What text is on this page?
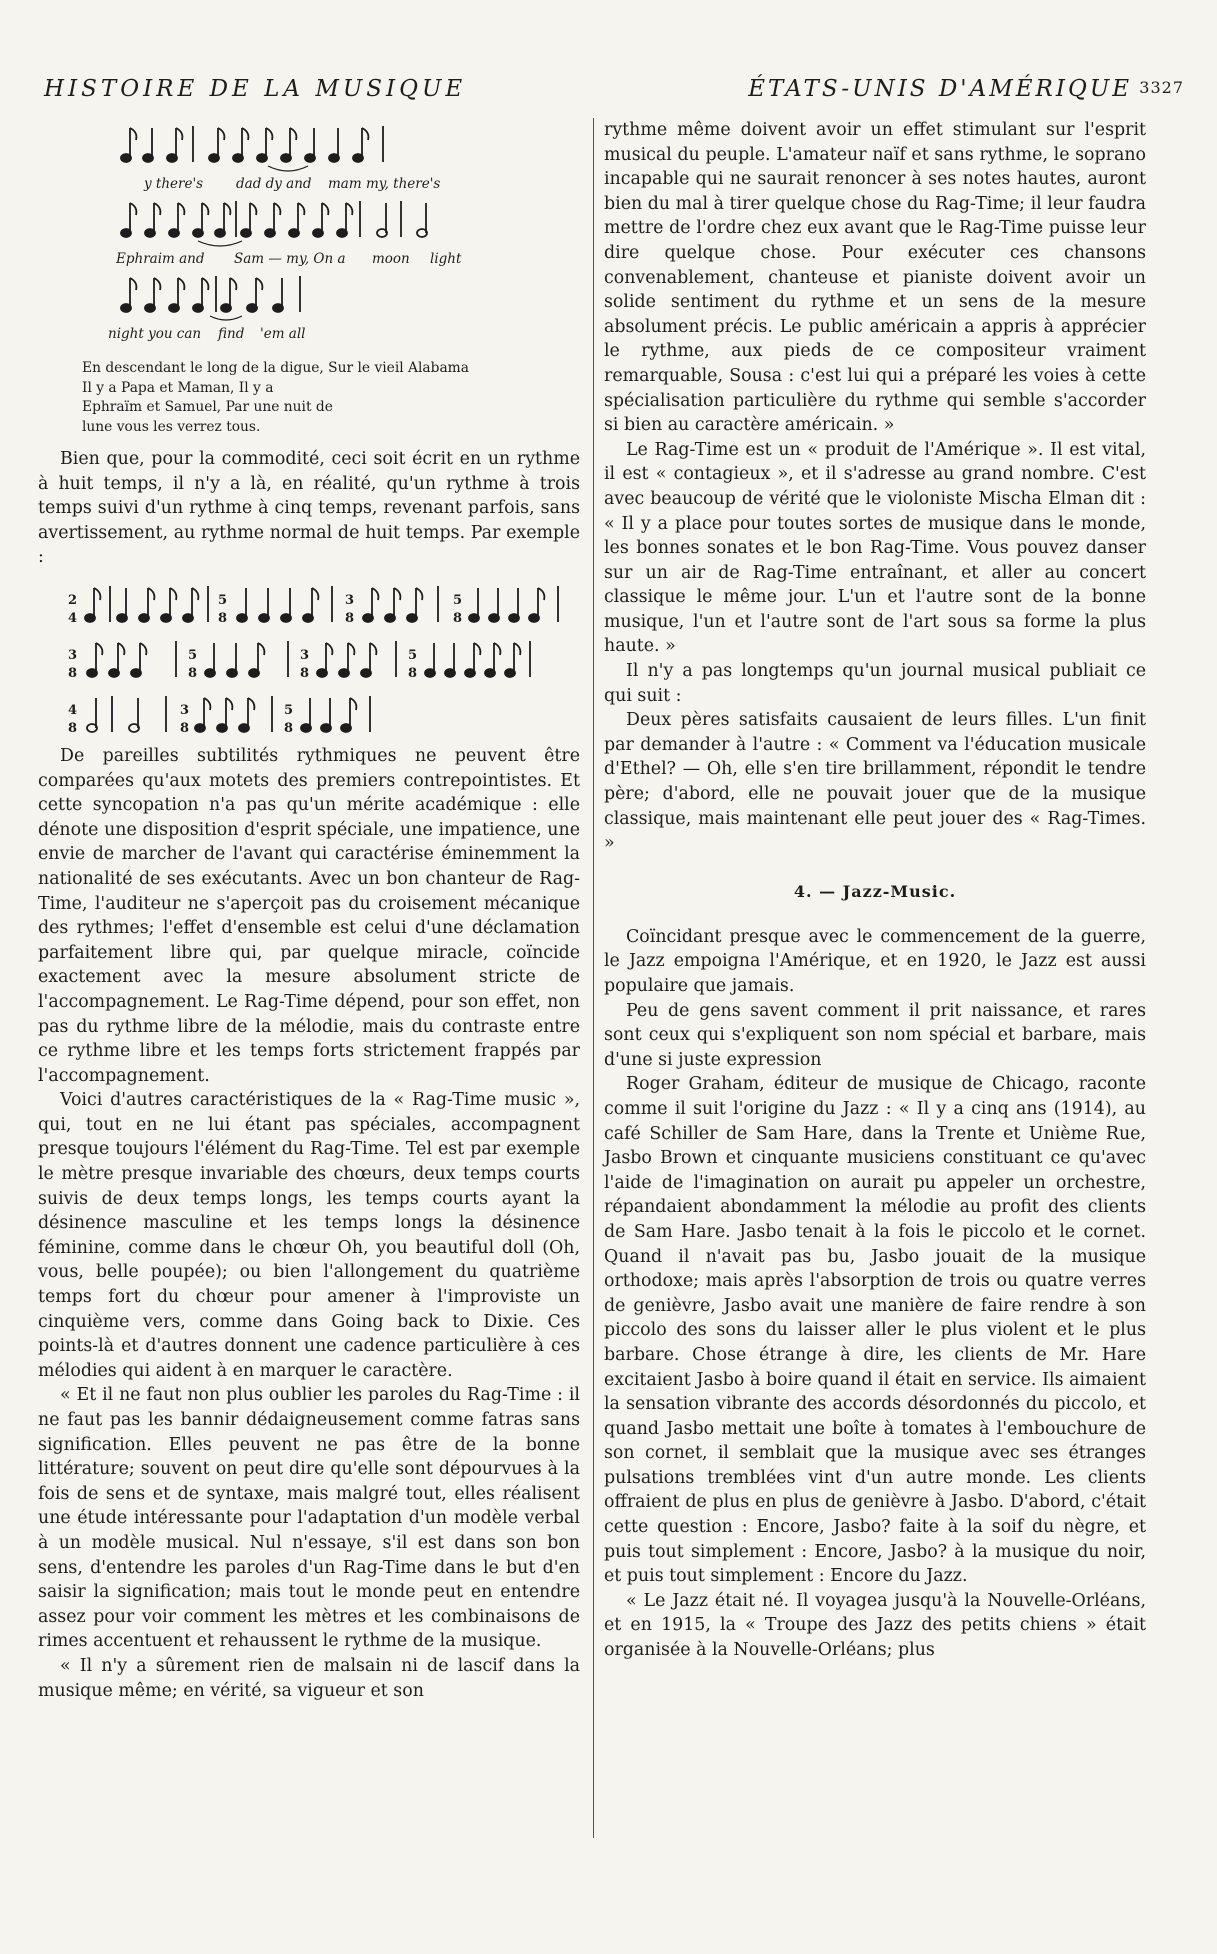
HISTOIRE DE LA MUSIQUE	ÉTATS-UNIS D'AMÉRIQUE 3327
y there's dad dy and mam my, there's
Ephraim and Sam — my, On a moon light
night you can find 'em all
En descendant le long de la digue, Sur le vieil Alabama
Il y a Papa et Maman, Il y a
Ephraïm et Samuel, Par une nuit de
lune vous les verrez tous.

Bien que, pour la commodité, ceci soit écrit en un rythme à huit temps, il n'y a là, en réalité, qu'un rythme à trois temps suivi d'un rythme à cinq temps, revenant parfois, sans avertissement, au rythme normal de huit temps. Par exemple :

2
4
5
8
3
8
5
8
3
8
5
8
3
8
5
8
4
8
3
8
5
8

De pareilles subtilités rythmiques ne peuvent être comparées qu'aux motets des premiers contrepointistes. Et cette syncopation n'a pas qu'un mérite académique : elle dénote une disposition d'esprit spéciale, une impatience, une envie de marcher de l'avant qui caractérise éminemment la nationalité de ses exécutants. Avec un bon chanteur de Rag-Time, l'auditeur ne s'aperçoit pas du croisement mécanique des rythmes; l'effet d'ensemble est celui d'une déclamation parfaitement libre qui, par quelque miracle, coïncide exactement avec la mesure absolument stricte de l'accompagnement. Le Rag-Time dépend, pour son effet, non pas du rythme libre de la mélodie, mais du contraste entre ce rythme libre et les temps forts strictement frappés par l'accompagnement.

Voici d'autres caractéristiques de la « Rag-Time music », qui, tout en ne lui étant pas spéciales, accompagnent presque toujours l'élément du Rag-Time. Tel est par exemple le mètre presque invariable des chœurs, deux temps courts suivis de deux temps longs, les temps courts ayant la désinence masculine et les temps longs la désinence féminine, comme dans le chœur Oh, you beautiful doll (Oh, vous, belle poupée); ou bien l'allongement du quatrième temps fort du chœur pour amener à l'improviste un cinquième vers, comme dans Going back to Dixie. Ces points-là et d'autres donnent une cadence particulière à ces mélodies qui aident à en marquer le caractère.

« Et il ne faut non plus oublier les paroles du Rag-Time : il ne faut pas les bannir dédaigneusement comme fatras sans signification. Elles peuvent ne pas être de la bonne littérature; souvent on peut dire qu'elle sont dépourvues à la fois de sens et de syntaxe, mais malgré tout, elles réalisent une étude intéressante pour l'adaptation d'un modèle verbal à un modèle musical. Nul n'essaye, s'il est dans son bon sens, d'entendre les paroles d'un Rag-Time dans le but d'en saisir la signification; mais tout le monde peut en entendre assez pour voir comment les mètres et les combinaisons de rimes accentuent et rehaussent le rythme de la musique.

« Il n'y a sûrement rien de malsain ni de lascif dans la musique même; en vérité, sa vigueur et son

rythme même doivent avoir un effet stimulant sur l'esprit musical du peuple. L'amateur naïf et sans rythme, le soprano incapable qui ne saurait renoncer à ses notes hautes, auront bien du mal à tirer quelque chose du Rag-Time; il leur faudra mettre de l'ordre chez eux avant que le Rag-Time puisse leur dire quelque chose. Pour exécuter ces chansons convenablement, chanteuse et pianiste doivent avoir un solide sentiment du rythme et un sens de la mesure absolument précis. Le public américain a appris à apprécier le rythme, aux pieds de ce compositeur vraiment remarquable, Sousa : c'est lui qui a préparé les voies à cette spécialisation particulière du rythme qui semble s'accorder si bien au caractère américain. »

Le Rag-Time est un « produit de l'Amérique ». Il est vital, il est « contagieux », et il s'adresse au grand nombre. C'est avec beaucoup de vérité que le violoniste Mischa Elman dit : « Il y a place pour toutes sortes de musique dans le monde, les bonnes sonates et le bon Rag-Time. Vous pouvez danser sur un air de Rag-Time entraînant, et aller au concert classique le même jour. L'un et l'autre sont de la bonne musique, l'un et l'autre sont de l'art sous sa forme la plus haute. »

Il n'y a pas longtemps qu'un journal musical publiait ce qui suit :

Deux pères satisfaits causaient de leurs filles. L'un finit par demander à l'autre : « Comment va l'éducation musicale d'Ethel? — Oh, elle s'en tire brillamment, répondit le tendre père; d'abord, elle ne pouvait jouer que de la musique classique, mais maintenant elle peut jouer des « Rag-Times. »

4. — Jazz-Music.

Coïncidant presque avec le commencement de la guerre, le Jazz empoigna l'Amérique, et en 1920, le Jazz est aussi populaire que jamais.

Peu de gens savent comment il prit naissance, et rares sont ceux qui s'expliquent son nom spécial et barbare, mais d'une si juste expression

Roger Graham, éditeur de musique de Chicago, raconte comme il suit l'origine du Jazz : « Il y a cinq ans (1914), au café Schiller de Sam Hare, dans la Trente et Unième Rue, Jasbo Brown et cinquante musiciens constituant ce qu'avec l'aide de l'imagination on aurait pu appeler un orchestre, répandaient abondamment la mélodie au profit des clients de Sam Hare. Jasbo tenait à la fois le piccolo et le cornet. Quand il n'avait pas bu, Jasbo jouait de la musique orthodoxe; mais après l'absorption de trois ou quatre verres de genièvre, Jasbo avait une manière de faire rendre à son piccolo des sons du laisser aller le plus violent et le plus barbare. Chose étrange à dire, les clients de Mr. Hare excitaient Jasbo à boire quand il était en service. Ils aimaient la sensation vibrante des accords désordonnés du piccolo, et quand Jasbo mettait une boîte à tomates à l'embouchure de son cornet, il semblait que la musique avec ses étranges pulsations tremblées vint d'un autre monde. Les clients offraient de plus en plus de genièvre à Jasbo. D'abord, c'était cette question : Encore, Jasbo? faite à la soif du nègre, et puis tout simplement : Encore, Jasbo? à la musique du noir, et puis tout simplement : Encore du Jazz.

« Le Jazz était né. Il voyagea jusqu'à la Nouvelle-Orléans, et en 1915, la « Troupe des Jazz des petits chiens » était organisée à la Nouvelle-Orléans; plus
